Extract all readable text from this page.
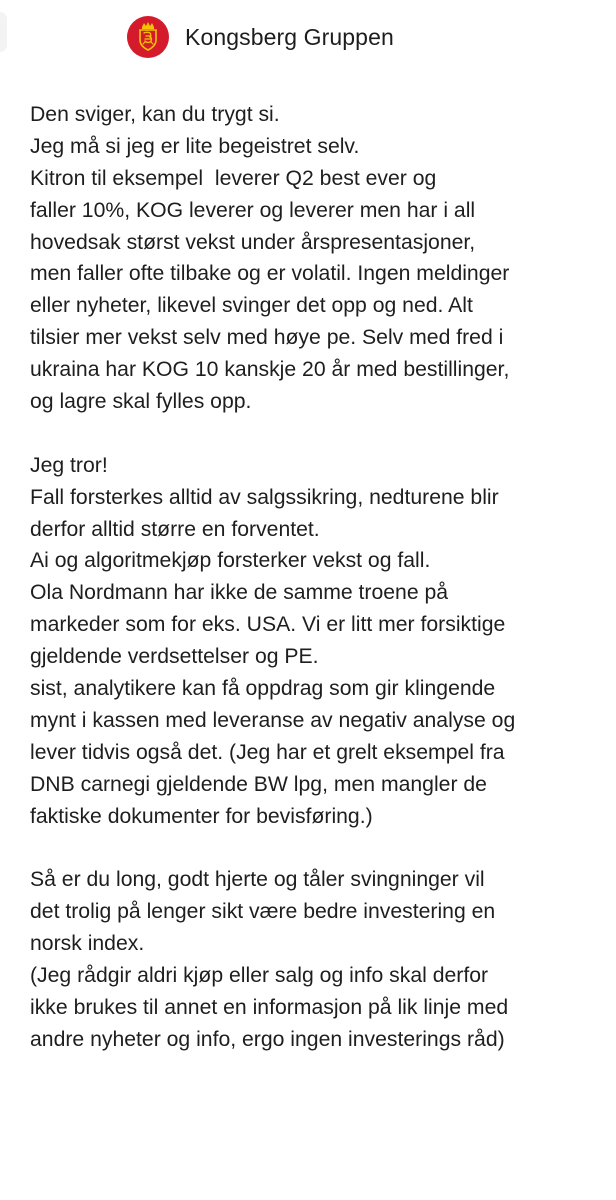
Kongsberg Gruppen
Den sviger, kan du trygt si.
Jeg må si jeg er lite begeistret selv.
Kitron til eksempel  leverer Q2 best ever og
faller 10%, KOG leverer og leverer men har i all
hovedsak størst vekst under årspresentasjoner,
men faller ofte tilbake og er volatil. Ingen meldinger
eller nyheter, likevel svinger det opp og ned. Alt
tilsier mer vekst selv med høye pe. Selv med fred i
ukraina har KOG 10 kanskje 20 år med bestillinger,
og lagre skal fylles opp.
Jeg tror!
Fall forsterkes alltid av salgssikring, nedturene blir
derfor alltid større en forventet.
Ai og algoritmekjøp forsterker vekst og fall.
Ola Nordmann har ikke de samme troene på
markeder som for eks. USA. Vi er litt mer forsiktige
gjeldende verdsettelser og PE.
sist, analytikere kan få oppdrag som gir klingende
mynt i kassen med leveranse av negativ analyse og
lever tidvis også det. (Jeg har et grelt eksempel fra
DNB carnegi gjeldende BW lpg, men mangler de
faktiske dokumenter for bevisføring.)
Så er du long, godt hjerte og tåler svingninger vil
det trolig på lenger sikt være bedre investering en
norsk index.
(Jeg rådgir aldri kjøp eller salg og info skal derfor
ikke brukes til annet en informasjon på lik linje med
andre nyheter og info, ergo ingen investerings råd)
